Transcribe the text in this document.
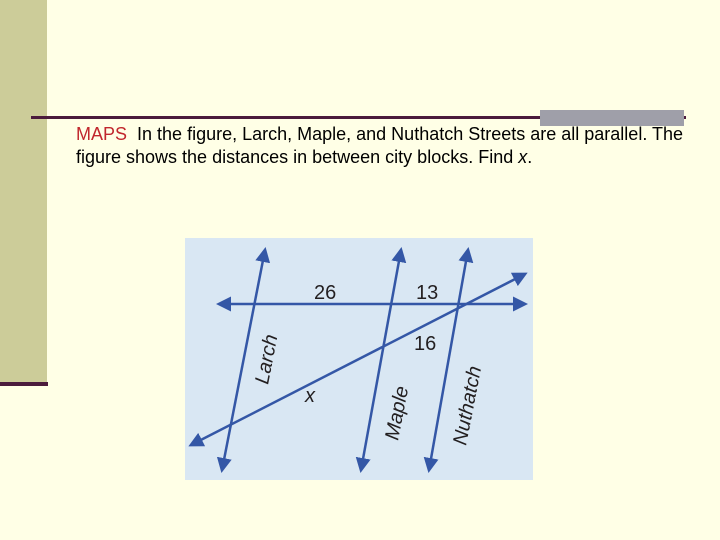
MAPS In the figure, Larch, Maple, and Nuthatch Streets are all parallel. The figure shows the distances in between city blocks. Find x.
26	13
16
x
Larch
Maple Nuthatch
